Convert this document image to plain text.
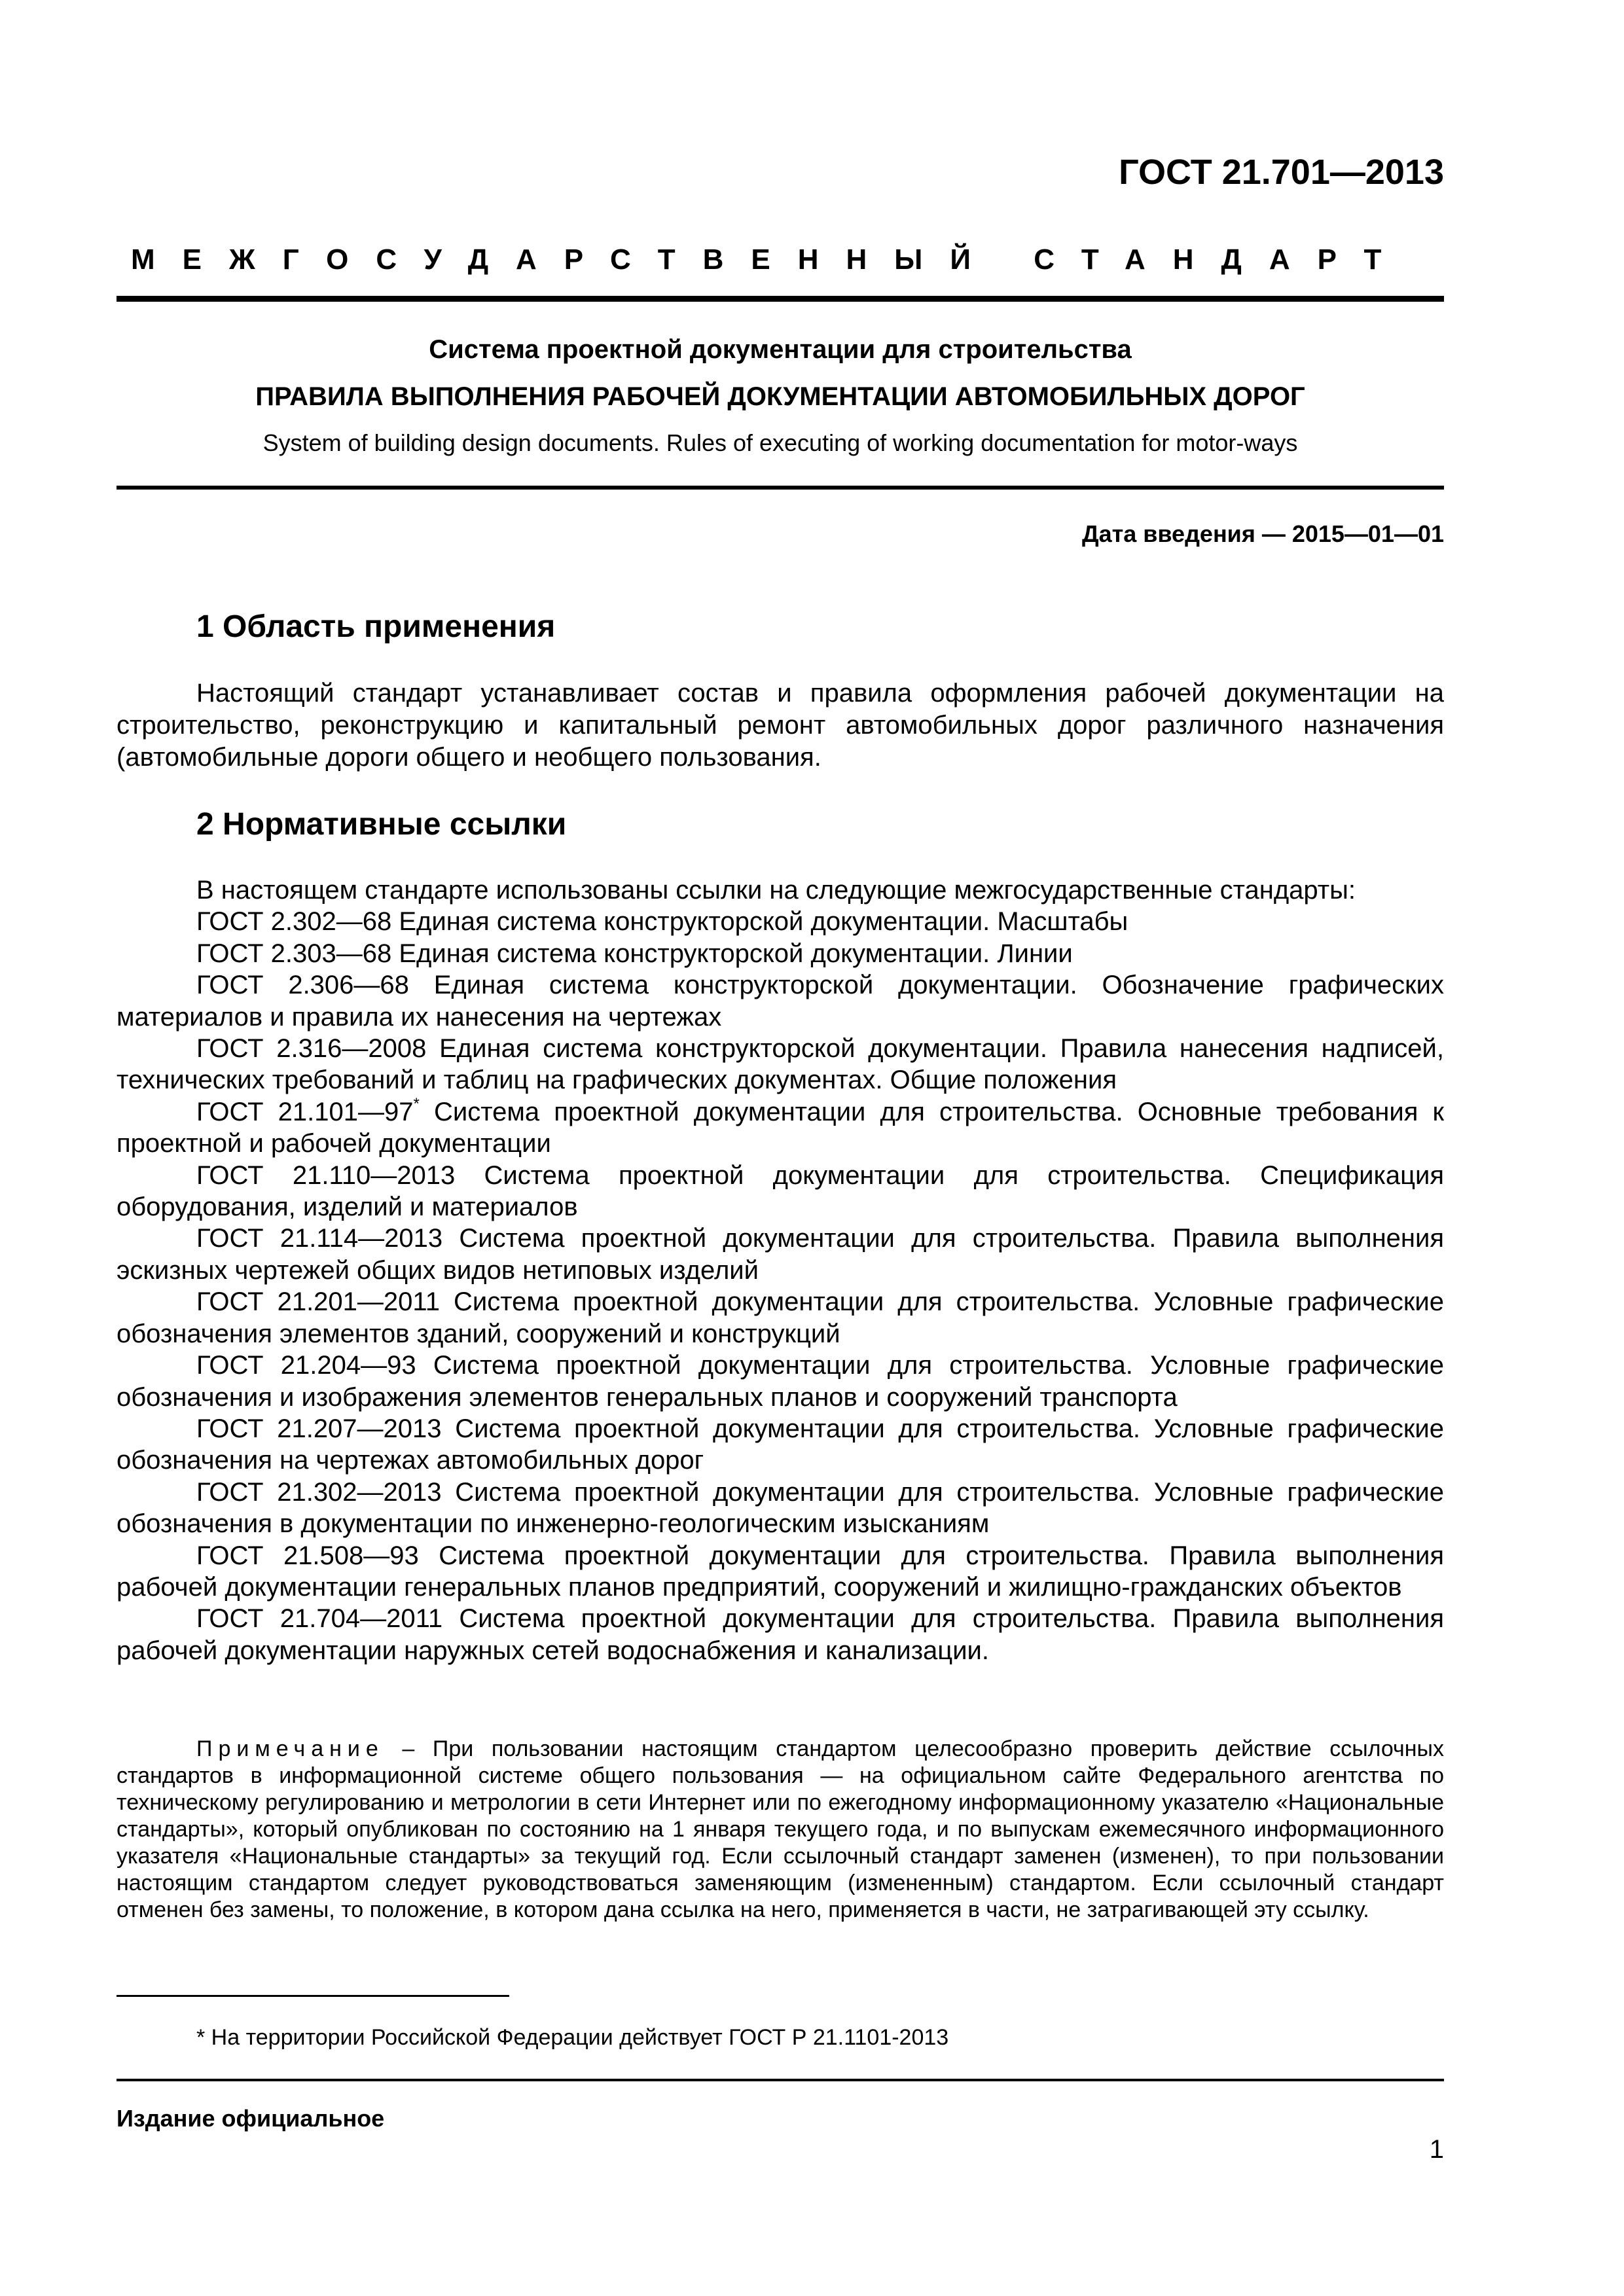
ГОСТ 21.701—2013
МЕЖГОСУДАРСТВЕННЫЙ СТАНДАРТ
Система проектной документации для строительства
ПРАВИЛА ВЫПОЛНЕНИЯ РАБОЧЕЙ ДОКУМЕНТАЦИИ АВТОМОБИЛЬНЫХ ДОРОГ
System of building design documents. Rules of executing of working documentation for motor-ways
Дата введения — 2015—01—01
1 Область применения
Настоящий стандарт устанавливает состав и правила оформления рабочей документации на строительство, реконструкцию и капитальный ремонт автомобильных дорог различного назначения (автомобильные дороги общего и необщего пользования.
2 Нормативные ссылки

В настоящем стандарте использованы ссылки на следующие межгосударственные стандарты:

ГОСТ 2.302—68 Единая система конструкторской документации. Масштабы

ГОСТ 2.303—68 Единая система конструкторской документации. Линии

ГОСТ 2.306—68 Единая система конструкторской документации. Обозначение графических материалов и правила их нанесения на чертежах

ГОСТ 2.316—2008 Единая система конструкторской документации. Правила нанесения надписей, технических требований и таблиц на графических документах. Общие положения

ГОСТ 21.101—97* Система проектной документации для строительства. Основные требования к проектной и рабочей документации

ГОСТ 21.110—2013 Система проектной документации для строительства. Спецификация оборудования, изделий и материалов

ГОСТ 21.114—2013 Система проектной документации для строительства. Правила выполнения эскизных чертежей общих видов нетиповых изделий

ГОСТ 21.201—2011 Система проектной документации для строительства. Условные графические обозначения элементов зданий, сооружений и конструкций

ГОСТ 21.204—93 Система проектной документации для строительства. Условные графические обозначения и изображения элементов генеральных планов и сооружений транспорта

ГОСТ 21.207—2013 Система проектной документации для строительства. Условные графические обозначения на чертежах автомобильных дорог

ГОСТ 21.302—2013 Система проектной документации для строительства. Условные графические обозначения в документации по инженерно-геологическим изысканиям

ГОСТ 21.508—93 Система проектной документации для строительства. Правила выполнения рабочей документации генеральных планов предприятий, сооружений и жилищно-гражданских объектов

ГОСТ 21.704—2011 Система проектной документации для строительства. Правила выполнения рабочей документации наружных сетей водоснабжения и канализации.

Примечание – При пользовании настоящим стандартом целесообразно проверить действие ссылочных стандартов в информационной системе общего пользования — на официальном сайте Федерального агентства по техническому регулированию и метрологии в сети Интернет или по ежегодному информационному указателю «Национальные стандарты», который опубликован по состоянию на 1 января текущего года, и по выпускам ежемесячного информационного указателя «Национальные стандарты» за текущий год. Если ссылочный стандарт заменен (изменен), то при пользовании настоящим стандартом следует руководствоваться заменяющим (измененным) стандартом. Если ссылочный стандарт отменен без замены, то положение, в котором дана ссылка на него, применяется в части, не затрагивающей эту ссылку.
* На территории Российской Федерации действует ГОСТ Р 21.1101-2013
Издание официальное
1
